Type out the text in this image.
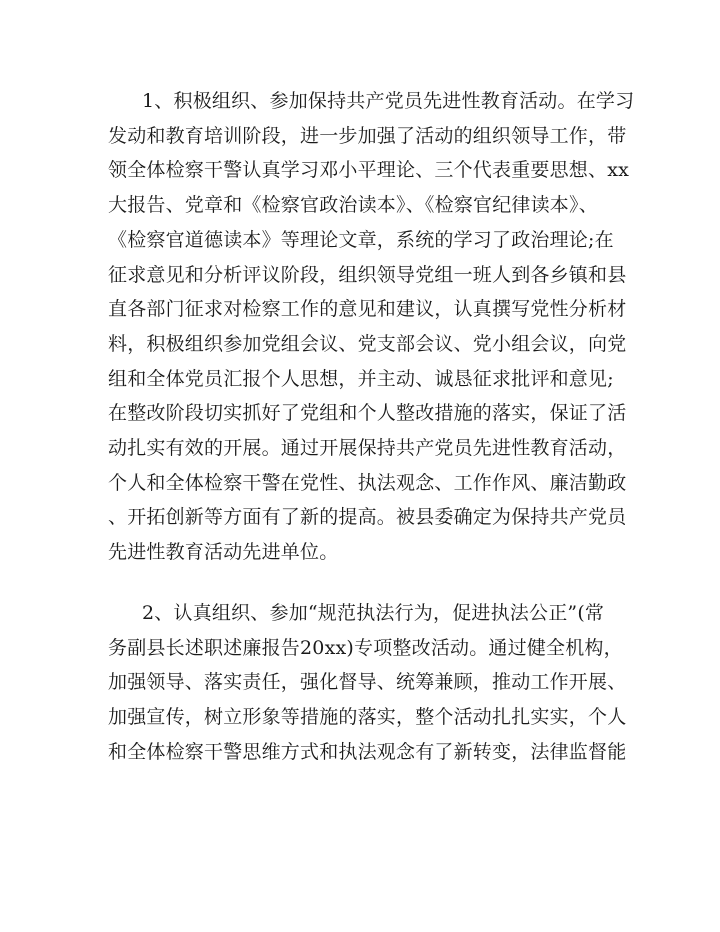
1、积极组织、参加保持共产党员先进性教育活动。在学习
发动和教育培训阶段，进一步加强了活动的组织领导工作，带
领全体检察干警认真学习邓小平理论、三个代表重要思想、xx
大报告、党章和《检察官政治读本》、《检察官纪律读本》、
《检察官道德读本》等理论文章，系统的学习了政治理论;在
征求意见和分析评议阶段，组织领导党组一班人到各乡镇和县
直各部门征求对检察工作的意见和建议，认真撰写党性分析材
料，积极组织参加党组会议、党支部会议、党小组会议，向党
组和全体党员汇报个人思想，并主动、诚恳征求批评和意见;
在整改阶段切实抓好了党组和个人整改措施的落实，保证了活
动扎实有效的开展。通过开展保持共产党员先进性教育活动，
个人和全体检察干警在党性、执法观念、工作作风、廉洁勤政
、开拓创新等方面有了新的提高。被县委确定为保持共产党员
先进性教育活动先进单位。
2、认真组织、参加“规范执法行为，促进执法公正”(常
务副县长述职述廉报告20xx)专项整改活动。通过健全机构，
加强领导、落实责任，强化督导、统筹兼顾，推动工作开展、
加强宣传，树立形象等措施的落实，整个活动扎扎实实，个人
和全体检察干警思维方式和执法观念有了新转变，法律监督能
